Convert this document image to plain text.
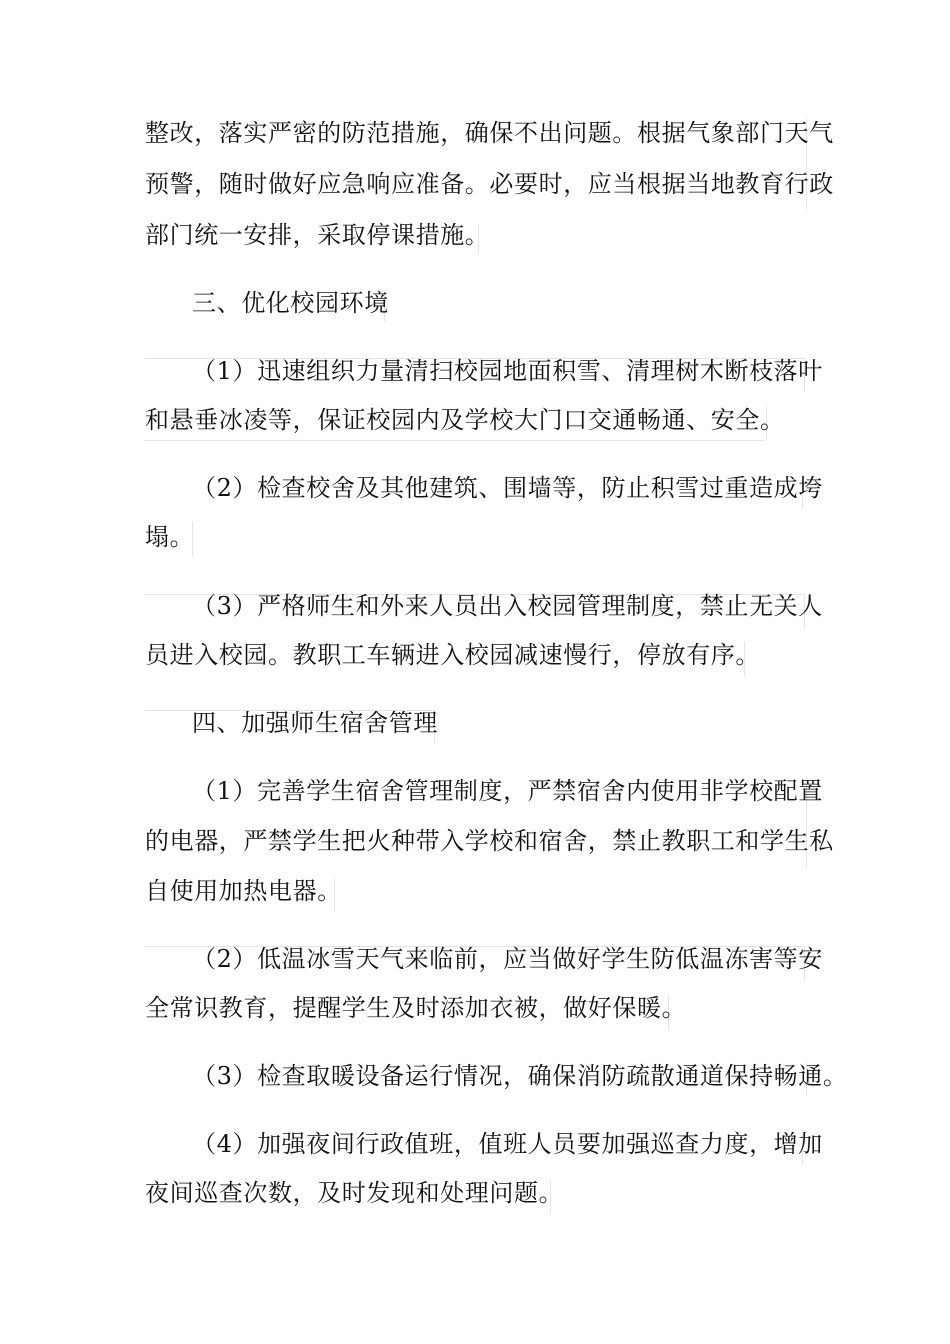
整改，落实严密的防范措施，确保不出问题。根据气象部门天气
预警，随时做好应急响应准备。必要时，应当根据当地教育行政
部门统一安排，采取停课措施。
三、优化校园环境
（1）迅速组织力量清扫校园地面积雪、清理树木断枝落叶
和悬垂冰凌等，保证校园内及学校大门口交通畅通、安全。
（2）检查校舍及其他建筑、围墙等，防止积雪过重造成垮
塌。
（3）严格师生和外来人员出入校园管理制度，禁止无关人
员进入校园。教职工车辆进入校园减速慢行，停放有序。
四、加强师生宿舍管理
（1）完善学生宿舍管理制度，严禁宿舍内使用非学校配置
的电器，严禁学生把火种带入学校和宿舍，禁止教职工和学生私
自使用加热电器。
（2）低温冰雪天气来临前，应当做好学生防低温冻害等安
全常识教育，提醒学生及时添加衣被，做好保暖。
（3）检查取暖设备运行情况，确保消防疏散通道保持畅通。
（4）加强夜间行政值班，值班人员要加强巡查力度，增加
夜间巡查次数，及时发现和处理问题。
